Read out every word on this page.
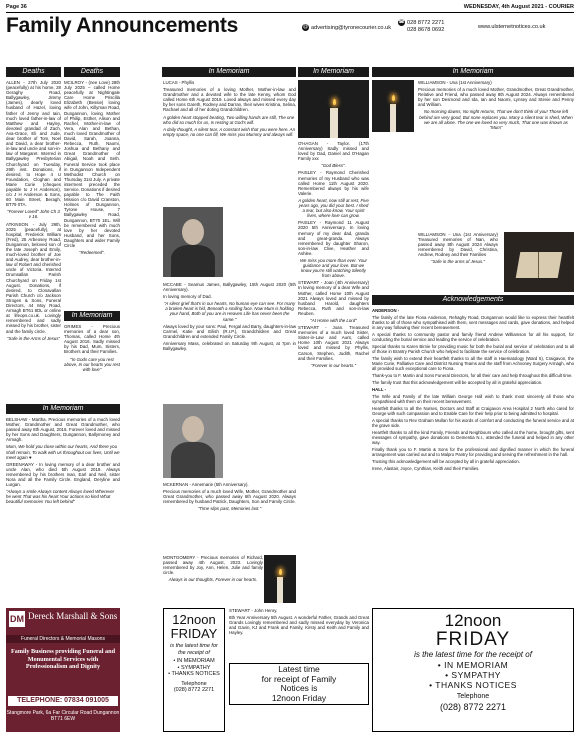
Page 36	WEDNESDAY, 4th August 2021 - COURIER
Family Announcements	@ advertising@tyronecourier.co.uk
☎ 028 8772 2271
028 8678 0692	www.ulsternetnotices.co.uk
Deaths

ALLEN - 27th July 2020 (peacefully) at his home, 28 Geraghy Road, Ballygawley, Jimmy (James), dearly loved husband of Hazel, loving father of Jenny and Iain, much loved father-in-law of Matthew and Hayley, devoted grandad of Zach, Ava-Grace, Eli and Jude, dear brother of Tom, Noel and David, a dear brother-in-law and uncle and son-in-law of Margaret. Interred in Ballygawley Presbyterian Churchyard on Tuesday, 29th inst. Donations, if desired, to Hope 4 U Foundation, Cloghan and Marie Curie (cheques payable to J H Anderson), c/o J H Anderson & Sons, 60 Main Street, Beragh, BT79 0TA.

"Forever Loved" John Ch 3 v 16.

ATKINSON - July 29th, 2025 (peacefully), at hospital, Frederick William (Fred), 25 Arbeosey Road, Dungannon, beloved son of the late Joseph and Emily, much-loved brother of Joe and Audrey, dear brother-in-law of Robert and cherished uncle of Victoria. Interred Drumsallan Parish Churchyard on Friday 1st August. Donations, if desired, to Clonavallan Parish Church c/o Jackson Strogen & Sons, Funeral Directors, 44 Moy Road, Armagh BT61 8DL or online at lifeops.co.uk. Lovingly remembered and sadly missed by his brother, sister and the family circle.

"Safe in the Arms of Jesus"

Deaths

MCILROY - (nee Love) 28th July 2025 – called Home peacefully at Nightingale Care Home Priscilla Elizabeth (Bessie) loving wife of John, Killyman Road, Dungannon, loving Mother of Philip, Esther, Alison and Rachel, Mother-in-law of Vera, Alan and Bethan, much loved Grandmother of David, Sarah, Joanna, Rebecca, Ruth, Naomi, Joshua and Bethany and Great Grandmother of Abigail, Noah and Seth. Funeral Service took place in Dungannon Independent Methodist Church on Thursday 31st July. A private interment preceded the Service. Donations if desired payable to The Faith Mission c/o David Cranston, Holmes of Dungannon, Tyrone House, 7 Ballygawley Road, Dungannon, BT70 1EL. Will be remembered with much love by her devoted Husband, and her Sons, Daughters and wider Family Circle

"Redeemed".

In Memoriam

GRIMES - Precious memories of a dear son, Thomas, called Home 4th August 2016. Sadly missed by his Dad, Mum, Sisters, Brothers and their Families.

"In Gods care you rest above, In our hearts you rest with love"

In Memoriam

BELSHAW - Martha. Precious memories of a much loved Mother, Grandmother and Great Grandmother, who passed away 8th August, 2016. Forever loved and missed by her Sons and Daughters, Dungannon, Ballymoney and Armagh.

Mum, We hold you close within our hearts, And there you shall remain, To walk with us throughout our lives, Until we meet again ♥

GREENAWAY - In loving memory of a dear brother and uncle Alan, who died 5th August 2019. Always remembered by his brothers Ivan, Earl and Neil, sister Nora and all the Family Circle. England, Deryline and Lurgan.

"Always a smile Always content Always loved Wherever he went That was his heart Your actions so kind What beautiful memories You left behind"

DM Dereck Marshall & Sons
Funeral Directors & Memorial Masons
Family Business providing Funeral and Monumental Services with Professionalism and Dignity
TELEPHONE: 07834 091005
Stangmore Park, 6a Far Circular Road Dungannon BT71 6EW
In Memoriam

LUCAS - Phyllis

Treasured memories of a loving Mother, Mother-in-law and Grandmother and a devoted wife to the late Kenny, whom God called Home 6th August 2019. Loved always and missed every day by her sons Gareth, Rodney and Darran, their wives Kristina, Selina, Rachael and all of her doting Grandchildren.

A golden heart stopped beating, Two willing hands are still, The one who did so much for us, Is resting at God's will.

A daily thought, A silent tear, A constant wish that you were here. An empty space, no one can fill, We miss you Mummy and always will.

MCCABE - Seamus James, Ballygawley, 15th August 2020 (5th Anniversary).

In loving memory of Dad.

"A silent grief that's in our hearts, No human eye can see. For many a broken heart is hid, Beneath a smiling face. Now Mum is holding your hand, Both of you are in Heaven Life has never been the same."

Always loved by your sons: Paul, Fergal and Barry, daughters-in-law Carmel, Katie and Eilish (R.I.P.), Grandchildren and Great Grandchildren and extended Family Circle.

Anniversary Mass, celebrated on Saturday 9th August, at 7pm in Ballygawley.

MCKERNAN - Annemarie (5th Anniversary).

Precious memories of a much loved Wife, Mother, Grandmother and Great Grandmother, who passed away 6th August 2020. Always remembered by husband Patrick, Daughters, Son and Family Circle.

"Time slips past, Memories last."

MONTGOMERY - Precious memories of Richard, passed away 4th August, 2023. Lovingly remembered by Joy, Ann, Helen, Julie and family circle.

Always in our thoughts, Forever in our hearts.

12noon
FRIDAY
is the latest time for the receipt of
• IN MEMORIAM
• SYMPATHY
• THANKS NOTICES
Telephone
(028) 8772 2271

STEWART - John Henry.

8th Year Anniversary 5th August. A wonderful Father, Grands and Great Grands Lovingly remembered and sadly missed everyday by Veronica and Gavin, KJ and Frank and Family, Kirsty and Keith and Family and Hayley.

Latest time
for receipt of Family
Notices is
12noon Friday
In Memoriam

O'HAGAN - Taylor. (17th Anniversary) Sadly missed and loved by Dad, Daniel and O'Hagan Family xxx

"God Bless".

PAISLEY - Raymond Cherished memories of my Husband who was called Home 11th August 2020. Remembered always by his wife Valerie.

A golden heart, now still at rest, Five years ago, you did your best. I shed a tear, but also know, Your spirit lives, where love can grow.

PAISLEY - Raymond 11 August 2020 5th Anniversary. In loving memory of my dear dad, granda and great-granda. Always remembered by daughter Sharon, son-in-law Clive, Heather and Ashlee.

We miss you more than ever. Your guidance and your love. But we know you're still watching Silently from above.

STEWART - Joan (4th Anniversary) In loving memory of a dear Wife and Mother, called Home 10th August 2021 Always loved and missed by husband Harold, daughters Rebecca, Ruth and son-in-law Reuben.

"At Home with the Lord"

STEWART - Joan. Treasured memories of a much loved Sister, Sister-in-Law and Aunt, called Home 10th August 2021 Always loved and missed by Phyllis, Carson, Stephen, Judith, Rachel and their Families.

"Forever in our hearts."

In Memoriam

WILLIAMSON - Una (1st Anniversary)

Precious memories of a much loved Mother, Grandmother, Great Grandmother, Relative and Friend, who passed away 8th August 2024. Always remembered by her son Desmond and Ida, Ian and Naomi, Lynsey and Stevie and Penny and William.

No morning dawns, No night returns, That we don't think of you! Those left behind are very good, But none replaces you. Many a silent tear is shed, When we are all alone. The one we loved so very much, That one was known as "Mum"

WILLIAMSON - Una (1st Anniversary) Treasured memories of Nan, who passed away 8th August 2024 Always remembered by David, Christina, Andrew, Rodney and their Families

"Safe in the arms of Jesus."

Acknowledgements

ANDERSON -

The family of the late Fiona Anderson, Rehaghy Road, Dungannon would like to express their heartfelt thanks to all of those who sympathised with them, sent messages and cards, gave donations, and helped in any way following their recent bereavement.

A special thanks to community pastor and family friend Andrew Williamson for all his support, for conducting the burial service and leading the service of celebration.

Special thanks to Karen Birnie for providing music for both the burial and service of celebration and to all of those in Brantry Parish Church who helped to facilitate the service of celebration.

The family wish to extend their heartfelt thanks to all the staff in Haematology (Ward 5), Craigavon, the Marie Curie, Palliative Care and District Nursing Teams and the staff from Achvoney Surgery Armagh, who all provided such exceptional care to Fiona.

Thank-you to F. Martin and Sons Funeral Directors, for all their care and help throughout this difficult time.

The family trust that this acknowledgement will be accepted by all in grateful appreciation.

HALL -

The Wife and Family of the late William George Hall wish to thank most sincerely all those who sympathised with them on their recent bereavement.

Heartfelt thanks to all the Nurses, Doctors and Staff at Craigavon Area Hospital 2 North who cared for George with such compassion and to Enable Care for their help prior to being admitted to hospital.

A special thanks to Rev Graham Mullan for his words of comfort and conducting the funeral service and at the grave side.

Heartfelt thanks to all the kind Family, Friends and Neighbours who called at the home, brought gifts, sent messages of sympathy, gave donations to Dementia N.I., attended the funeral and helped in any other way.

Finally thank you to F. Martin & Sons for the professional and dignified manner in which the funeral arrangement was carried out and to Malpro Pantry for providing and serving the refreshment in the hall.

Trusting this acknowledgement will be accepted by all in grateful appreciation.

Irene, Alastair, Joyce, Cynthian, Keith and their Families.

12noon
FRIDAY
is the latest time for the receipt of
• IN MEMORIAM
• SYMPATHY
• THANKS NOTICES
Telephone
(028) 8772 2271
